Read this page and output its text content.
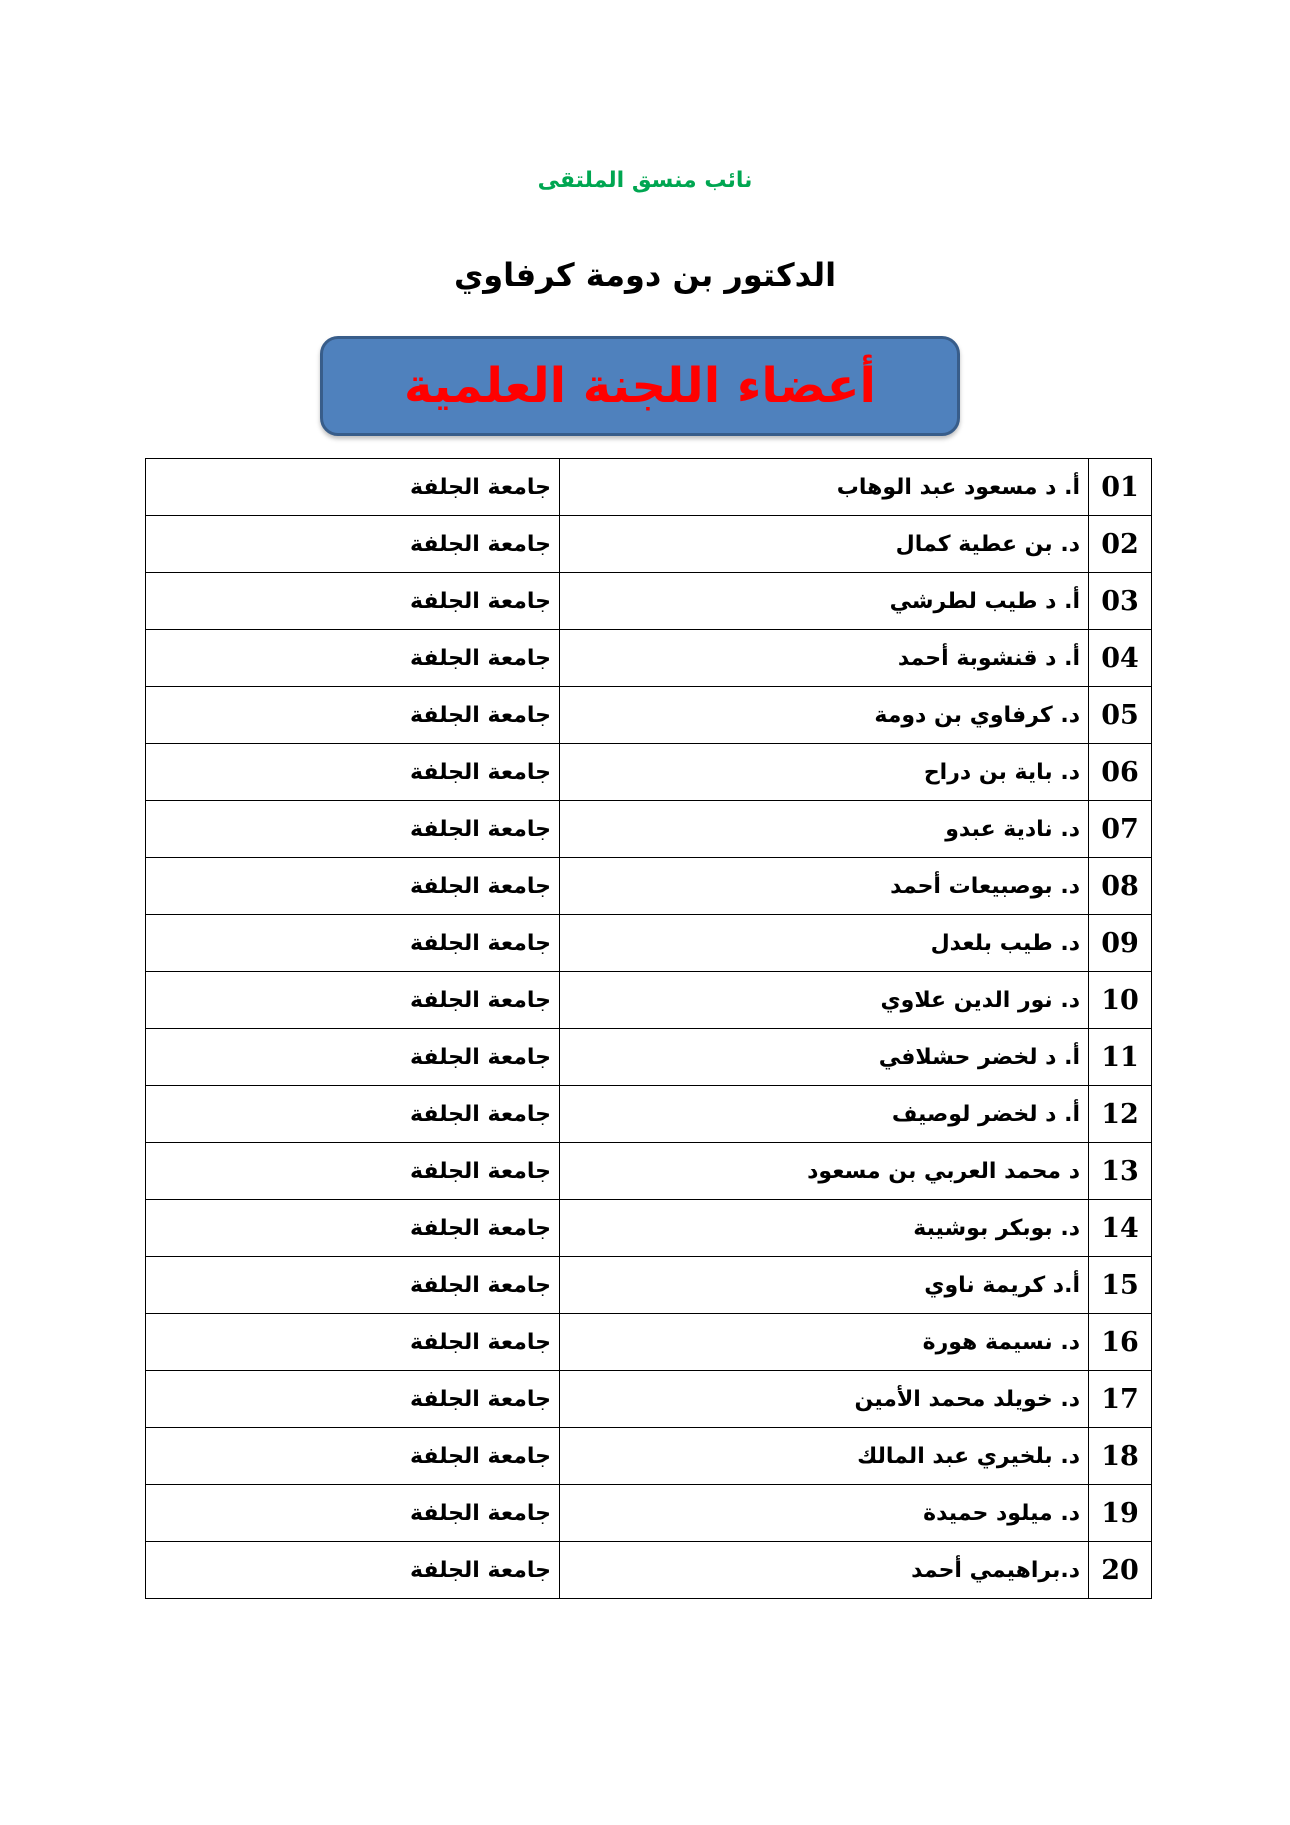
نائب منسق الملتقى
الدكتور بن دومة كرفاوي
أعضاء اللجنة العلمية
01	أ. د مسعود عبد الوهاب	جامعة الجلفة
02	د. بن عطية كمال	جامعة الجلفة
03	أ. د طيب لطرشي	جامعة الجلفة
04	أ. د قنشوبة أحمد	جامعة الجلفة
05	د. كرفاوي بن دومة	جامعة الجلفة
06	د. باية بن دراح	جامعة الجلفة
07	د. نادية عبدو	جامعة الجلفة
08	د. بوصبيعات أحمد	جامعة الجلفة
09	د. طيب بلعدل	جامعة الجلفة
10	د. نور الدين علاوي	جامعة الجلفة
11	أ. د لخضر حشلافي	جامعة الجلفة
12	أ. د لخضر لوصيف	جامعة الجلفة
13	د محمد العربي بن مسعود	جامعة الجلفة
14	د. بوبكر بوشيبة	جامعة الجلفة
15	أ.د كريمة ناوي	جامعة الجلفة
16	د. نسيمة هورة	جامعة الجلفة
17	د. خويلد محمد الأمين	جامعة الجلفة
18	د. بلخيري عبد المالك	جامعة الجلفة
19	د. ميلود حميدة	جامعة الجلفة
20	د.براهيمي أحمد	جامعة الجلفة
